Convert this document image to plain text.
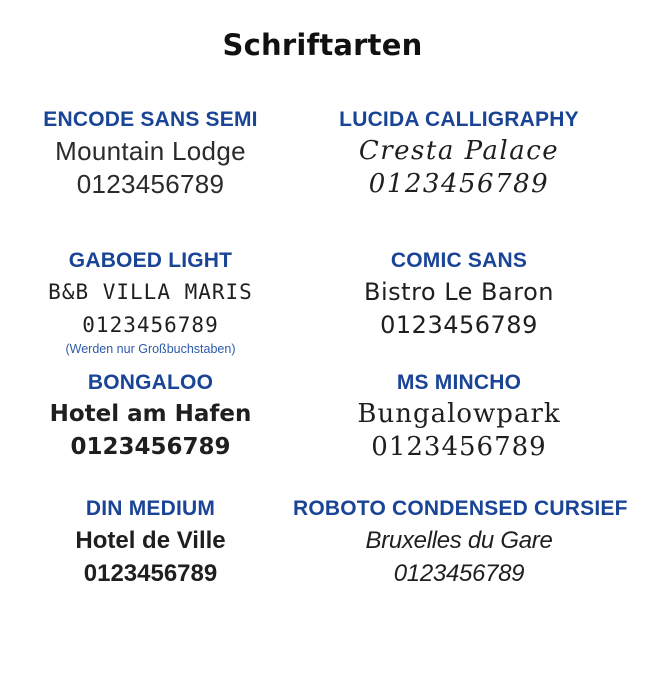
Schriftarten
ENCODE SANS SEMI
Mountain Lodge
0123456789
LUCIDA CALLIGRAPHY
Cresta Palace
0123456789
GABOED LIGHT
B&B VILLA MARIS
0123456789
(Werden nur Großbuchstaben)
COMIC SANS
Bistro Le Baron
0123456789
BONGALOO
Hotel am Hafen
0123456789
MS MINCHO
Bungalowpark
0123456789
DIN MEDIUM
Hotel de Ville
0123456789
ROBOTO CONDENSED CURSIEF
Bruxelles du Gare
0123456789
